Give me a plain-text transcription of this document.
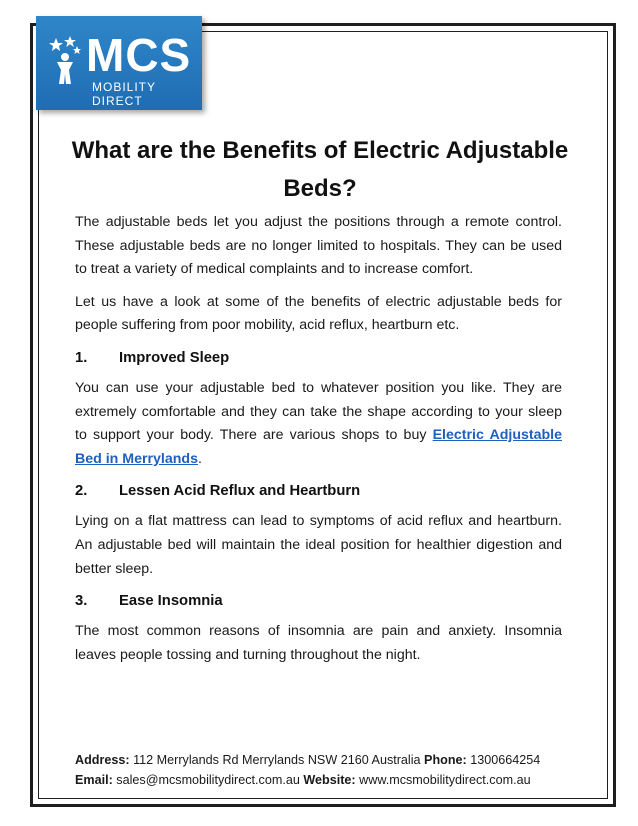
MCS
MOBILITY DIRECT
What are the Benefits of Electric Adjustable Beds?

The adjustable beds let you adjust the positions through a remote control. These adjustable beds are no longer limited to hospitals. They can be used to treat a variety of medical complaints and to increase comfort.

Let us have a look at some of the benefits of electric adjustable beds for people suffering from poor mobility, acid reflux, heartburn etc.

1. Improved Sleep

You can use your adjustable bed to whatever position you like. They are extremely comfortable and they can take the shape according to your sleep to support your body. There are various shops to buy Electric Adjustable Bed in Merrylands.

2. Lessen Acid Reflux and Heartburn

Lying on a flat mattress can lead to symptoms of acid reflux and heartburn. An adjustable bed will maintain the ideal position for healthier digestion and better sleep.

3. Ease Insomnia

The most common reasons of insomnia are pain and anxiety. Insomnia leaves people tossing and turning throughout the night.

Address: 112 Merrylands Rd Merrylands NSW 2160 Australia Phone: 1300664254
Email: sales@mcsmobilitydirect.com.au Website: www.mcsmobilitydirect.com.au
